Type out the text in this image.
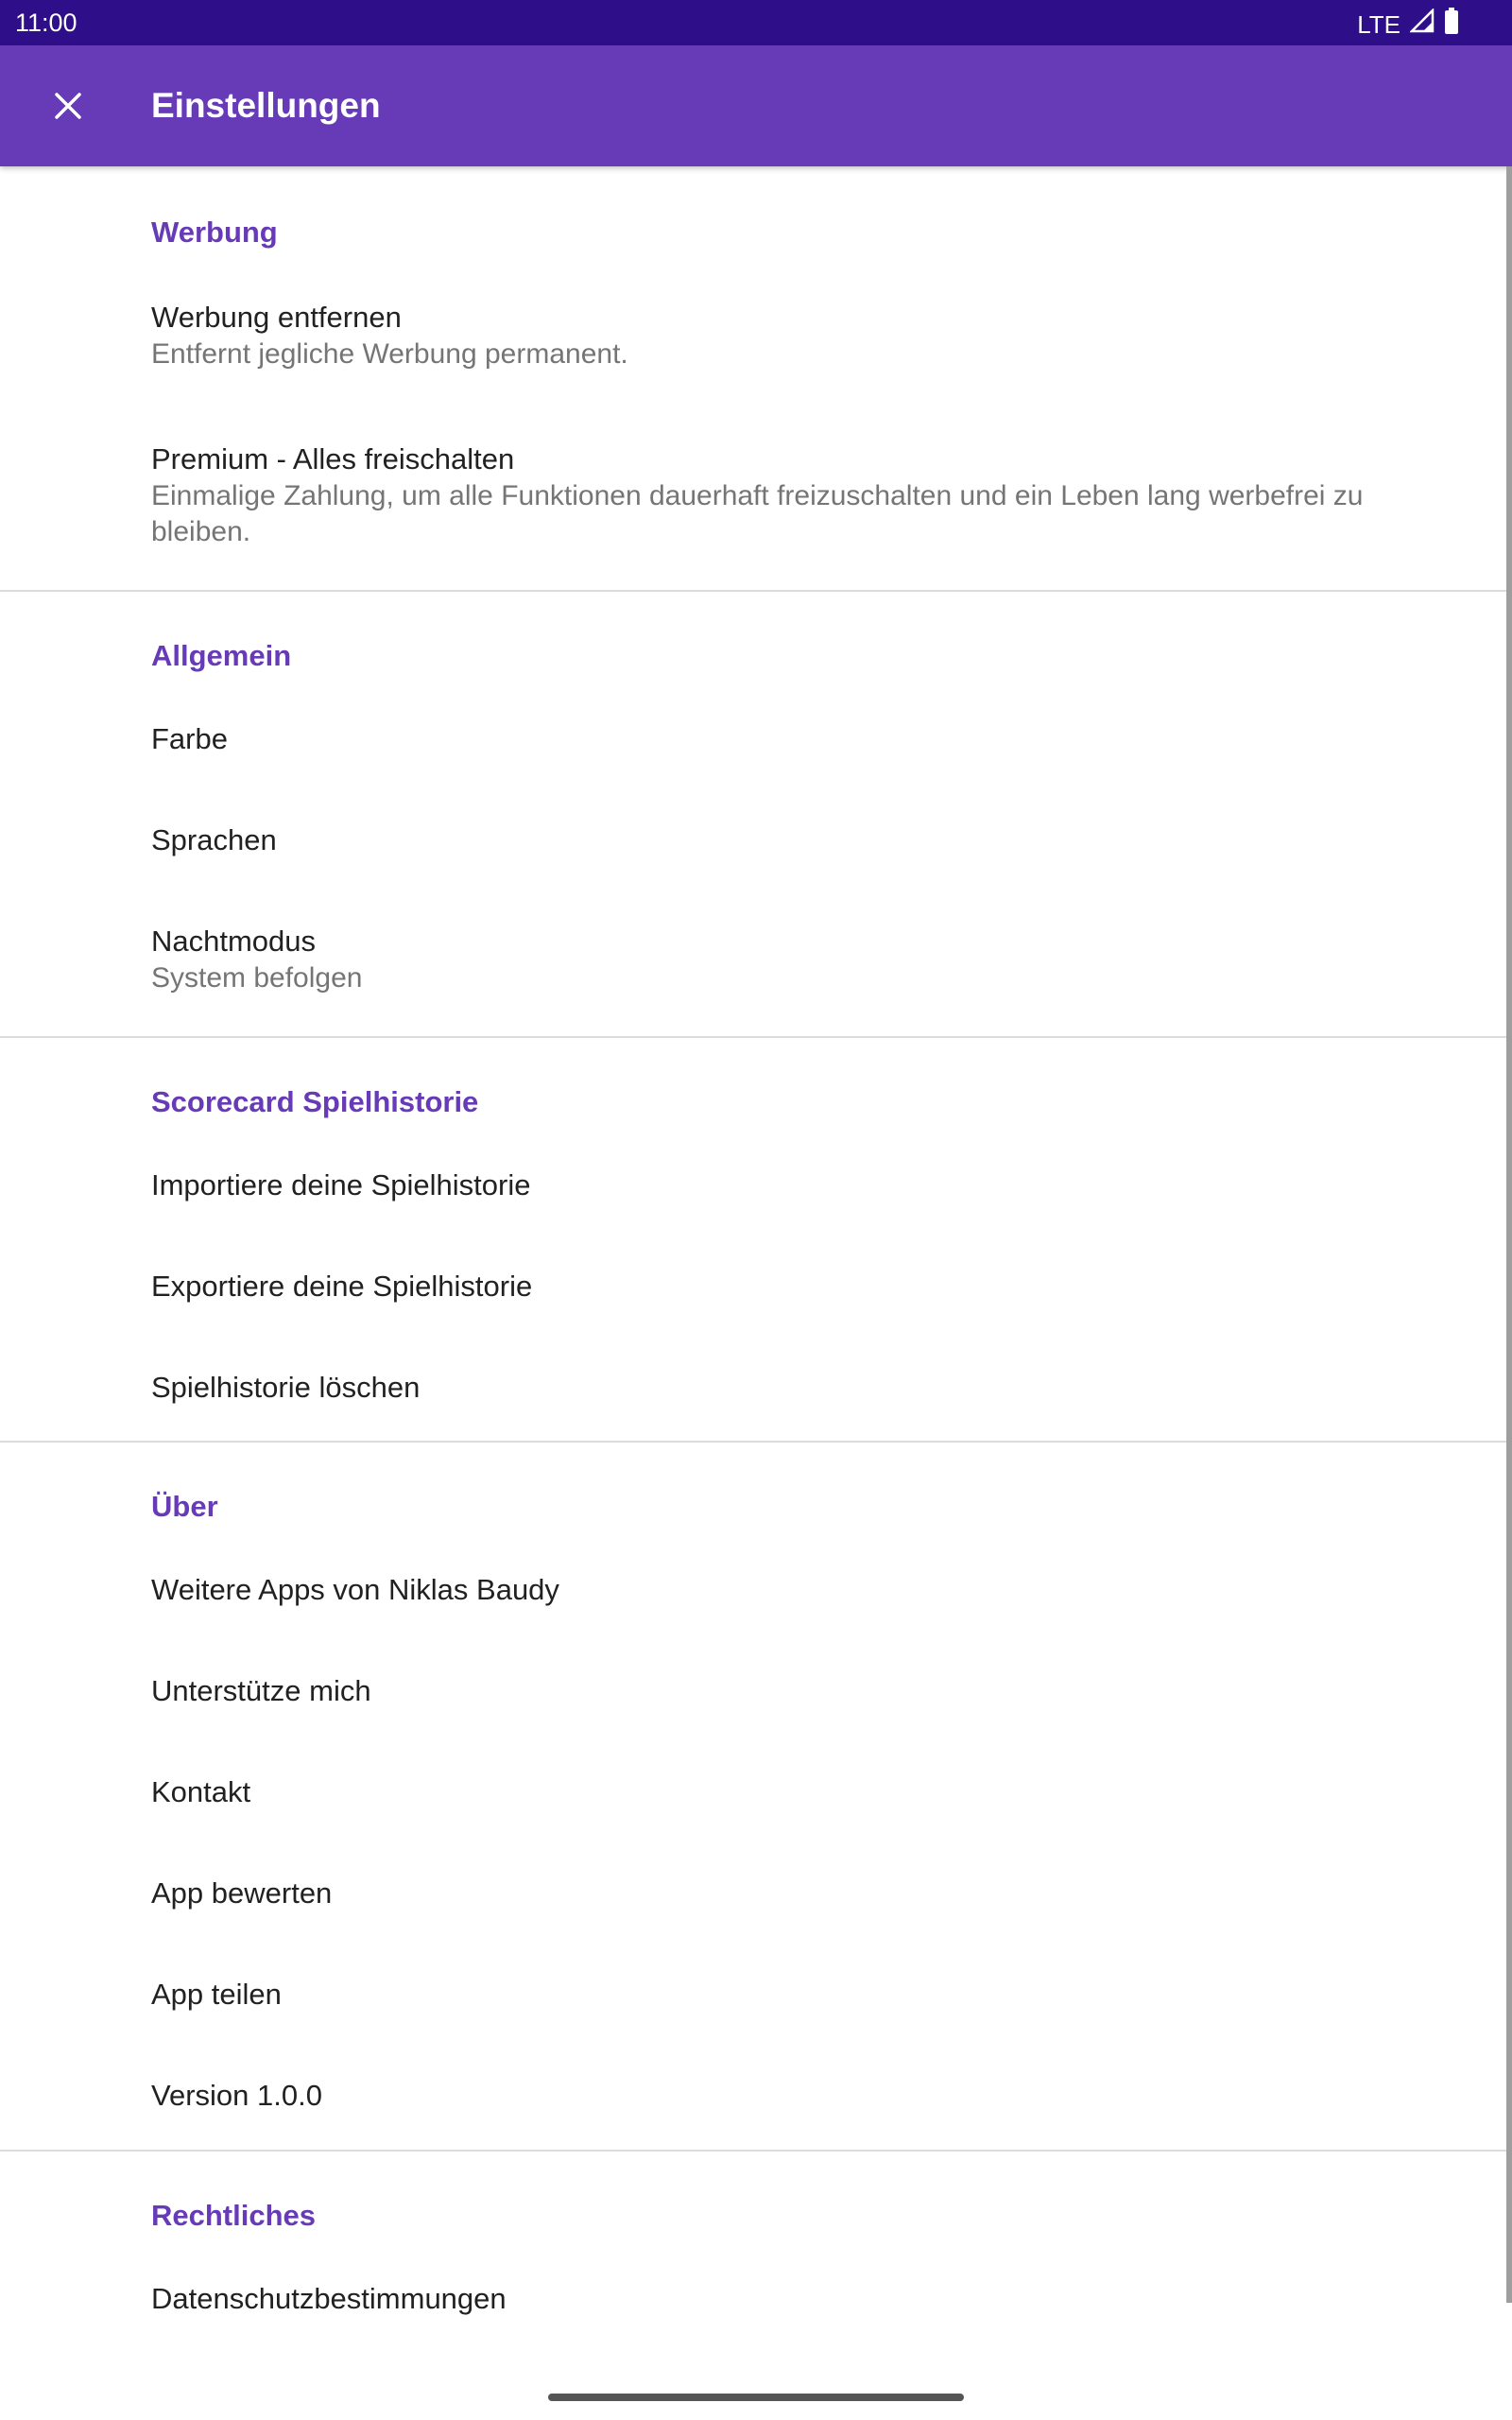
11:00	LTE
Einstellungen
Werbung
Werbung entfernen
Entfernt jegliche Werbung permanent.
Premium - Alles freischalten
Einmalige Zahlung, um alle Funktionen dauerhaft freizuschalten und ein Leben lang werbefrei zu bleiben.
Allgemein
Farbe
Sprachen
Nachtmodus
System befolgen
Scorecard Spielhistorie
Importiere deine Spielhistorie
Exportiere deine Spielhistorie
Spielhistorie löschen
Über
Weitere Apps von Niklas Baudy
Unterstütze mich
Kontakt
App bewerten
App teilen
Version 1.0.0
Rechtliches
Datenschutzbestimmungen
